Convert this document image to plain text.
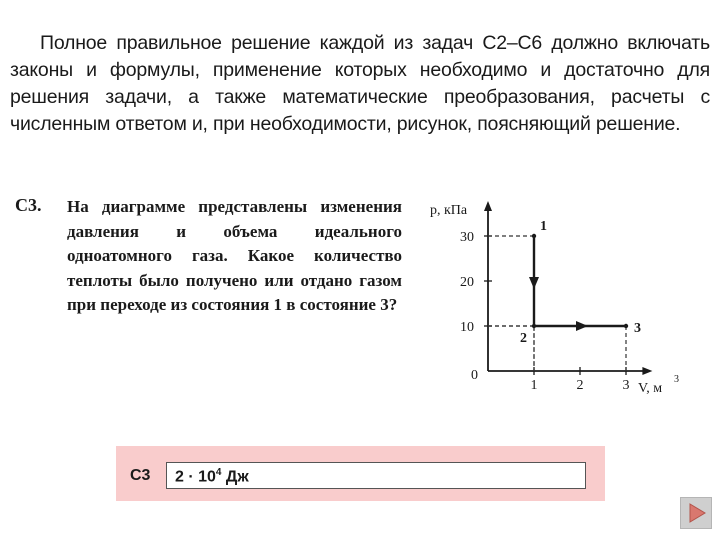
Полное правильное решение каждой из задач С2–С6 должно включать законы и формулы, применение которых необходимо и достаточно для решения задачи, а также математические преобразования, расчеты с численным ответом и, при необходимости, рисунок, поясняющий решение.
С3. На диаграмме представлены изменения давления и объема идеального одноатомного газа. Какое количество теплоты было получено или отдано газом при переходе из состояния 1 в состояние 3?
1	2	3
10
20
30
0
1
2
3
p, кПа
V, м
3
С3	$2 \cdot 10^4$ Дж
